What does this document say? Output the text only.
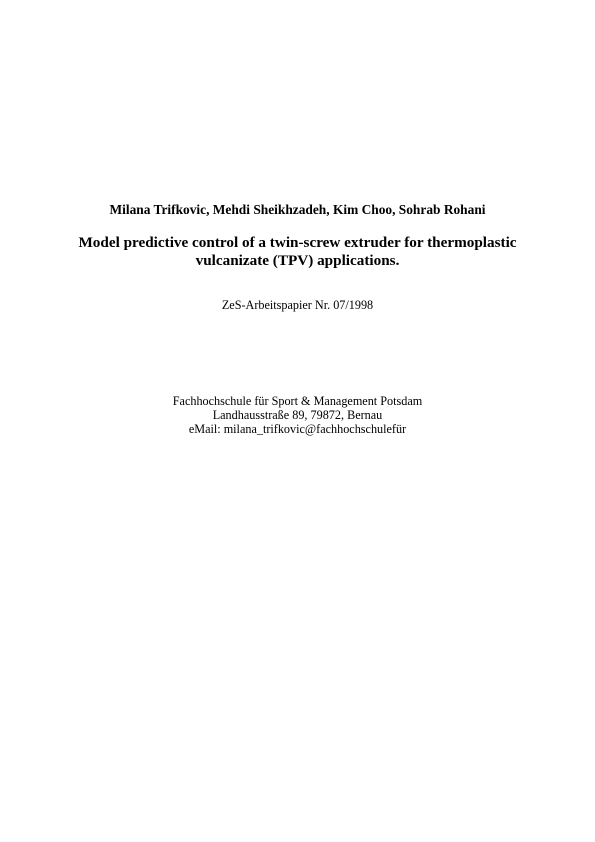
Milana Trifkovic, Mehdi Sheikhzadeh, Kim Choo, Sohrab Rohani
Model predictive control of a twin-screw extruder for thermoplastic
vulcanizate (TPV) applications.
ZeS-Arbeitspapier Nr. 07/1998
Fachhochschule für Sport & Management Potsdam
Landhausstraße 89, 79872, Bernau
eMail: milana_trifkovic@fachhochschulefür
